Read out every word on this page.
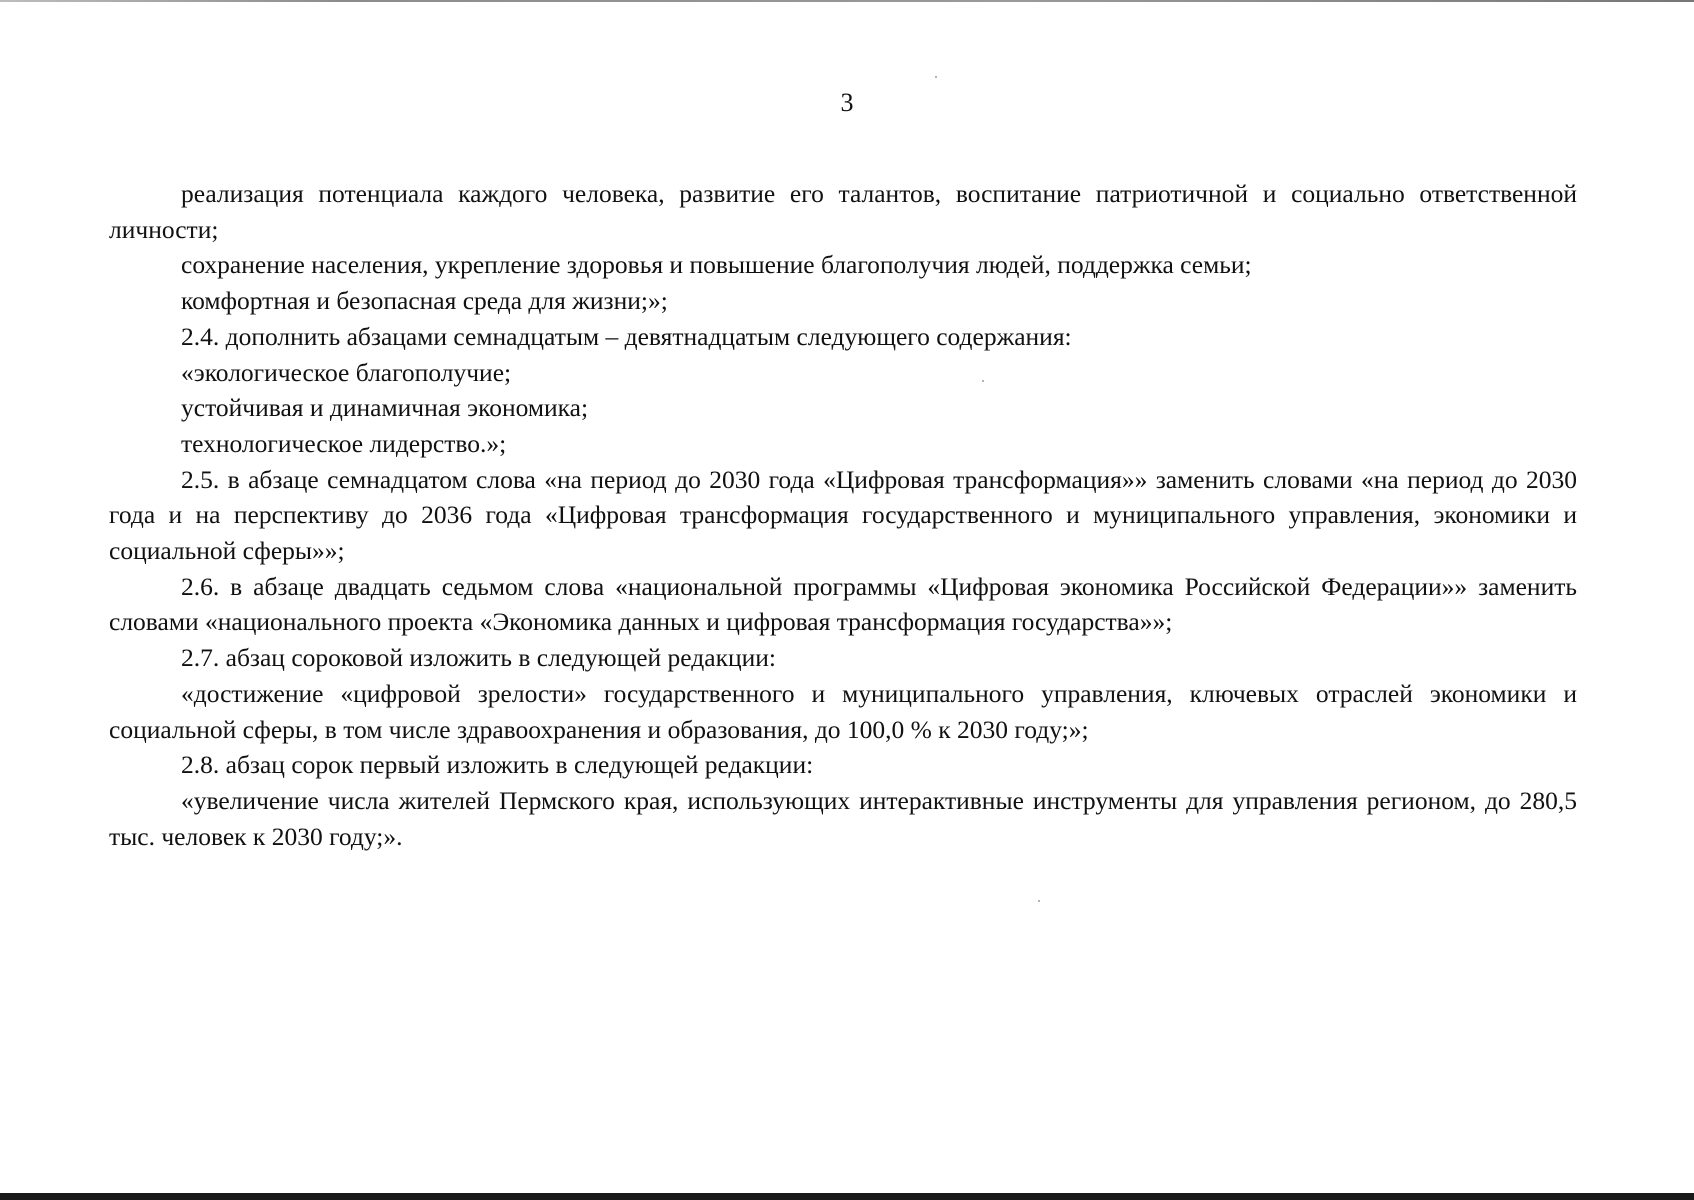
3

реализация потенциала каждого человека, развитие его талантов, воспитание патриотичной и социально ответственной личности;

сохранение населения, укрепление здоровья и повышение благополучия людей, поддержка семьи;

комфортная и безопасная среда для жизни;»;

2.4. дополнить абзацами семнадцатым – девятнадцатым следующего содержания:

«экологическое благополучие;

устойчивая и динамичная экономика;

технологическое лидерство.»;

2.5. в абзаце семнадцатом слова «на период до 2030 года «Цифровая трансформация»» заменить словами «на период до 2030 года и на перспективу до 2036 года «Цифровая трансформация государственного и муниципального управления, экономики и социальной сферы»»;

2.6. в абзаце двадцать седьмом слова «национальной программы «Цифровая экономика Российской Федерации»» заменить словами «национального проекта «Экономика данных и цифровая трансформация государства»»;

2.7. абзац сороковой изложить в следующей редакции:

«достижение «цифровой зрелости» государственного и муниципального управления, ключевых отраслей экономики и социальной сферы, в том числе здравоохранения и образования, до 100,0 % к 2030 году;»;

2.8. абзац сорок первый изложить в следующей редакции:

«увеличение числа жителей Пермского края, использующих интерактивные инструменты для управления регионом, до 280,5 тыс. человек к 2030 году;».
